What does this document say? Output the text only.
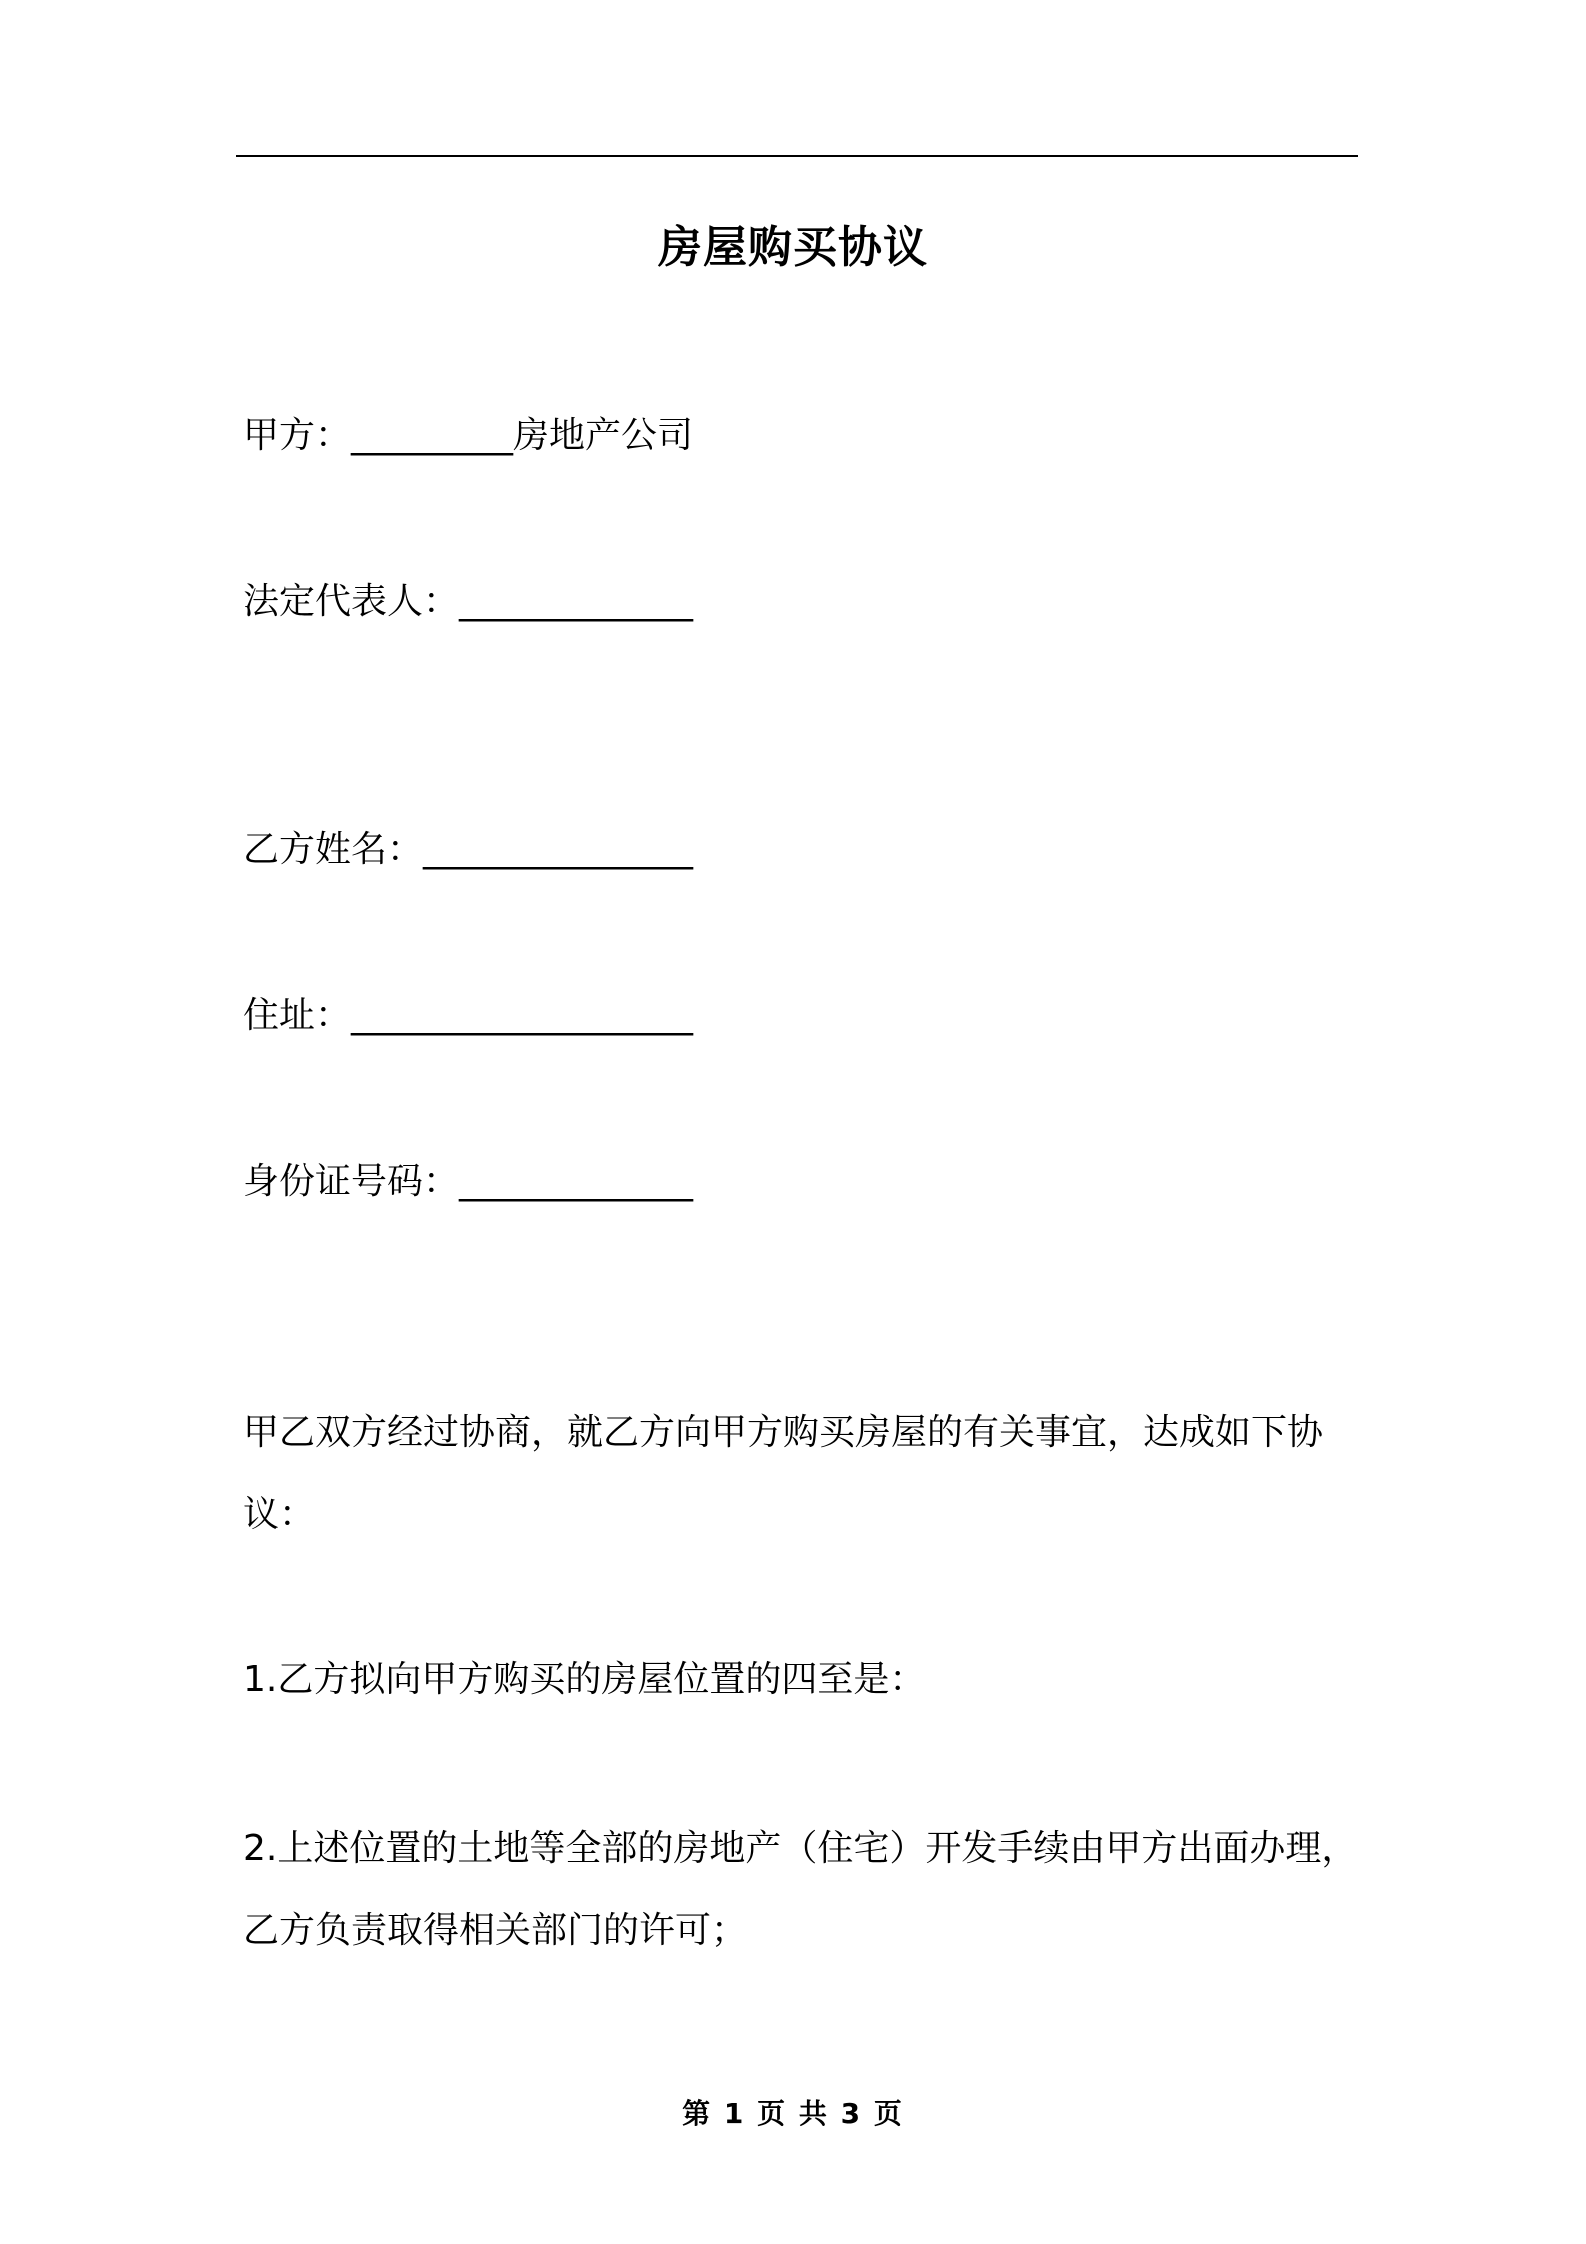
房屋购买协议
甲方：_________房地产公司
法定代表人：_____________
乙方姓名：_______________
住址：___________________
身份证号码：_____________
甲乙双方经过协商，就乙方向甲方购买房屋的有关事宜，达成如下协
议：
1.乙方拟向甲方购买的房屋位置的四至是：
2.上述位置的土地等全部的房地产（住宅）开发手续由甲方出面办理，
乙方负责取得相关部门的许可；
第 1 页 共 3 页
